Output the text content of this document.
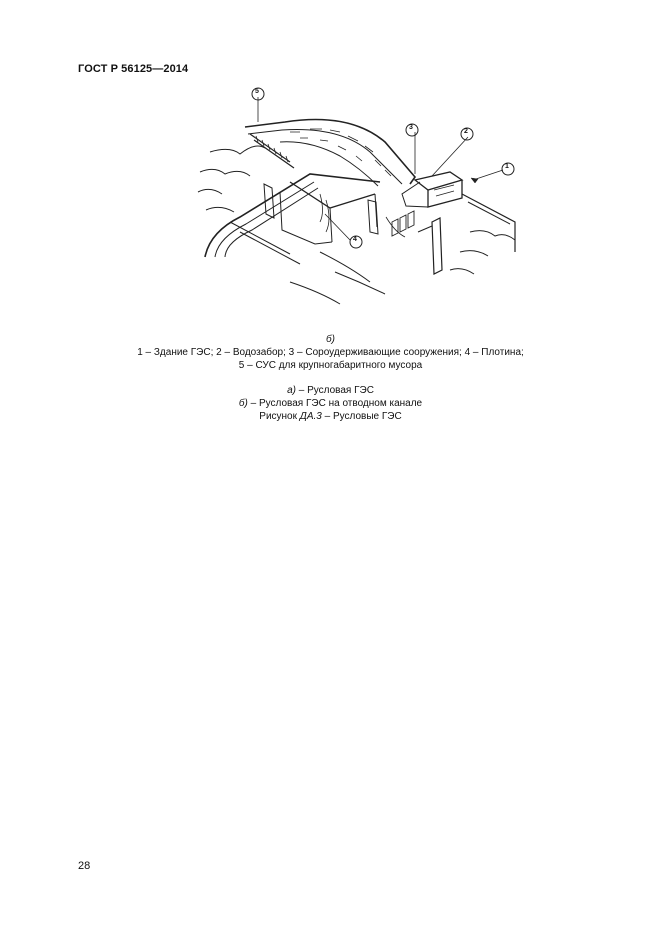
ГОСТ Р 56125—2014
5
3
2
1
4
б)
1 – Здание ГЭС; 2 – Водозабор; 3 – Сороудерживающие сооружения; 4 – Плотина;
5 – СУС для крупногабаритного мусора
а) – Русловая ГЭС
б) – Русловая ГЭС на отводном канале
Рисунок ДА.3 – Русловые ГЭС
28
